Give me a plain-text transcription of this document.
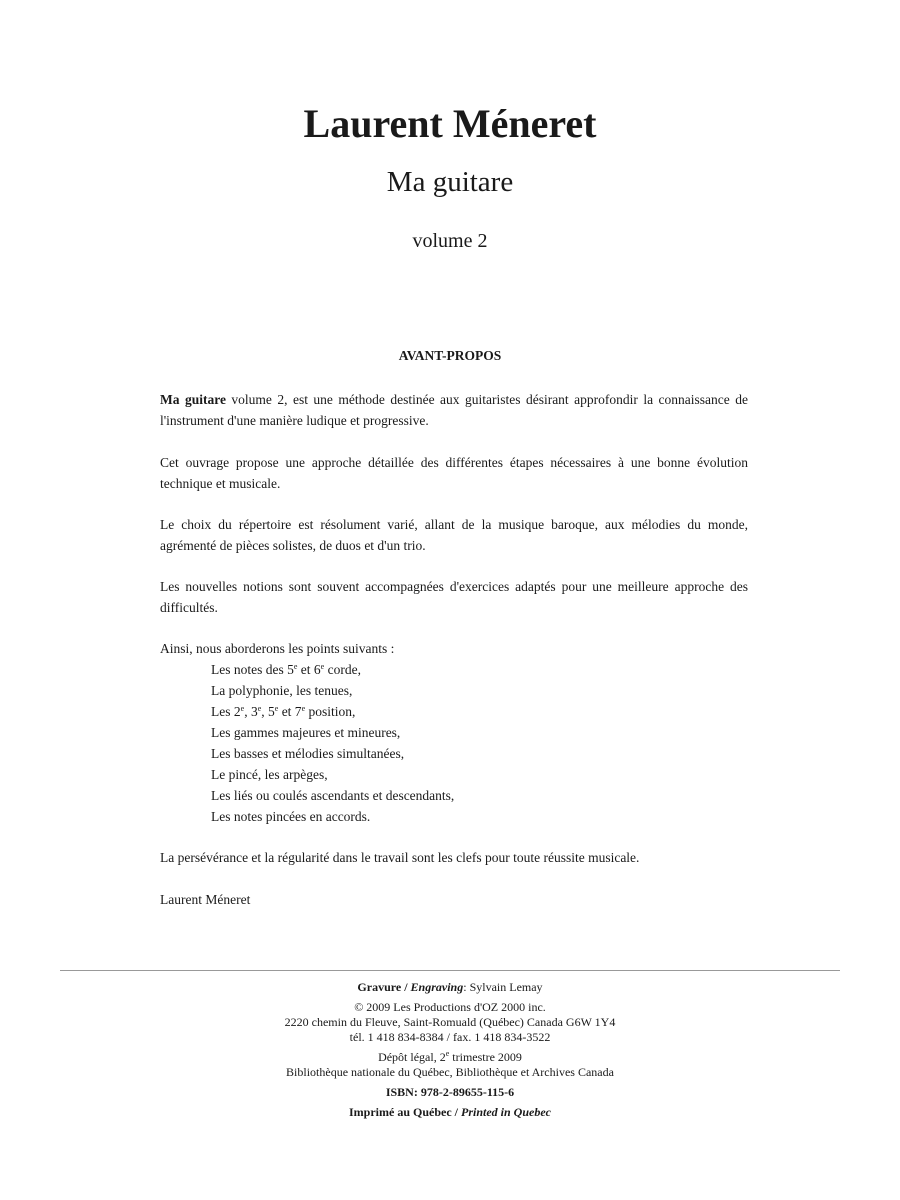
Laurent Méneret
Ma guitare
volume 2
AVANT-PROPOS
Ma guitare volume 2, est une méthode destinée aux guitaristes désirant approfondir la connaissance de l'instrument d'une manière ludique et progressive.
Cet ouvrage propose une approche détaillée des différentes étapes nécessaires à une bonne évolution technique et musicale.
Le choix du répertoire est résolument varié, allant de la musique baroque, aux mélodies du monde, agrémenté de pièces solistes, de duos et d'un trio.
Les nouvelles notions sont souvent accompagnées d'exercices adaptés pour une meilleure approche des difficultés.
Ainsi, nous aborderons les points suivants :
Les notes des 5e et 6e corde,
La polyphonie, les tenues,
Les 2e, 3e, 5e et 7e position,
Les gammes majeures et mineures,
Les basses et mélodies simultanées,
Le pincé, les arpèges,
Les liés ou coulés ascendants et descendants,
Les notes pincées en accords.
La persévérance et la régularité dans le travail sont les clefs pour toute réussite musicale.
Laurent Méneret
Gravure / Engraving: Sylvain Lemay
© 2009 Les Productions d'OZ 2000 inc.
2220 chemin du Fleuve, Saint-Romuald (Québec) Canada G6W 1Y4
tél. 1 418 834-8384 / fax. 1 418 834-3522
Dépôt légal, 2e trimestre 2009
Bibliothèque nationale du Québec, Bibliothèque et Archives Canada
ISBN: 978-2-89655-115-6
Imprimé au Québec / Printed in Quebec
